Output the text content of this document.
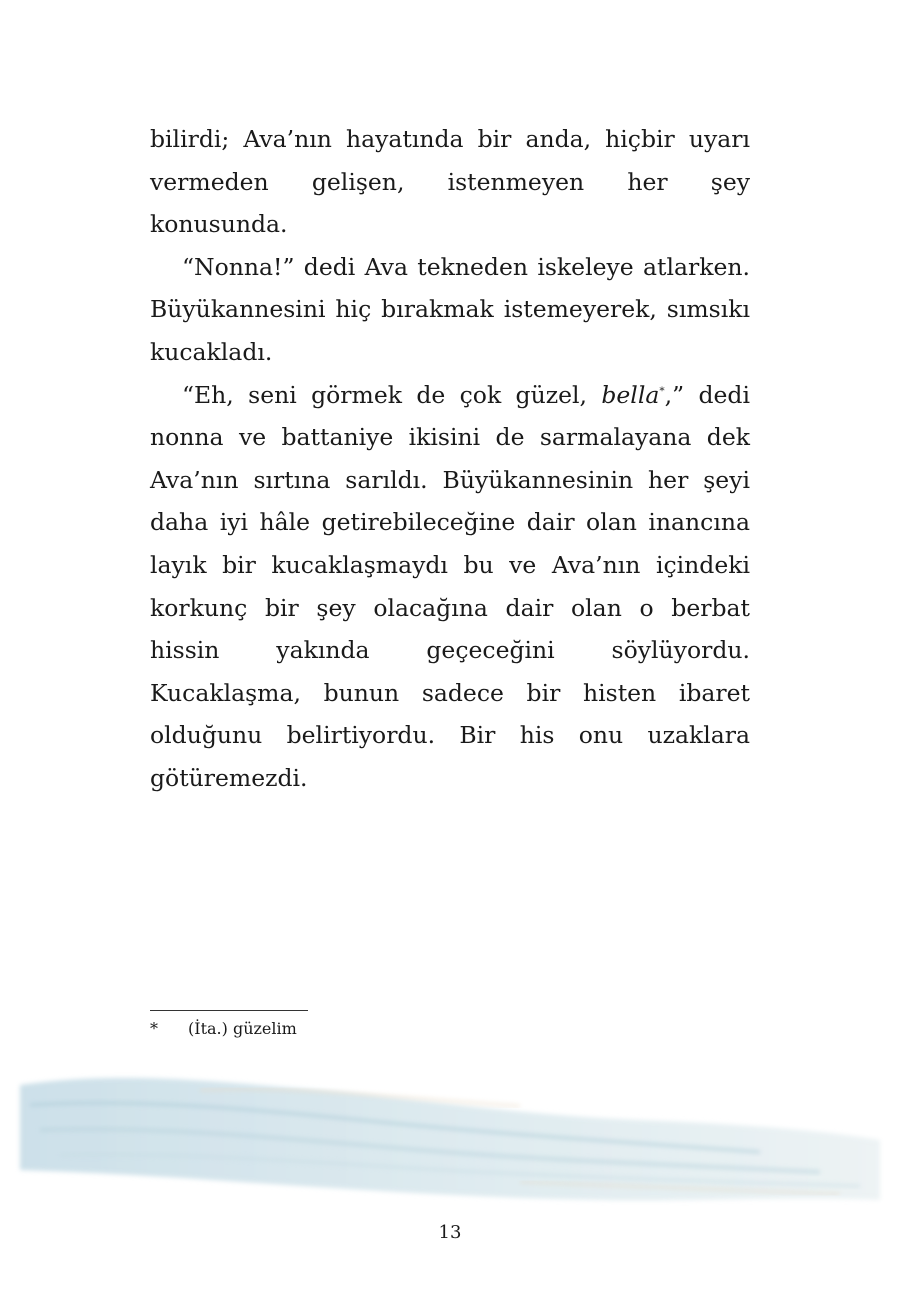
bilirdi; Ava’nın hayatında bir anda, hiçbir uyarı vermeden gelişen, istenmeyen her şey konusunda.

“Nonna!” dedi Ava tekneden iskeleye atlarken. Büyükannesini hiç bırakmak istemeyerek, sımsıkı kucakladı.

“Eh, seni görmek de çok güzel, bella*,” dedi nonna ve battaniye ikisini de sarmalayana dek Ava’nın sırtına sarıldı. Büyükannesinin her şeyi daha iyi hâle getirebileceğine dair olan inancına layık bir kucaklaşmaydı bu ve Ava’nın içindeki korkunç bir şey olacağına dair olan o berbat hissin yakında geçeceğini söylüyordu. Kucaklaşma, bunun sadece bir histen ibaret olduğunu belirtiyordu. Bir his onu uzaklara götüremezdi.

* (İta.) güzelim
13
